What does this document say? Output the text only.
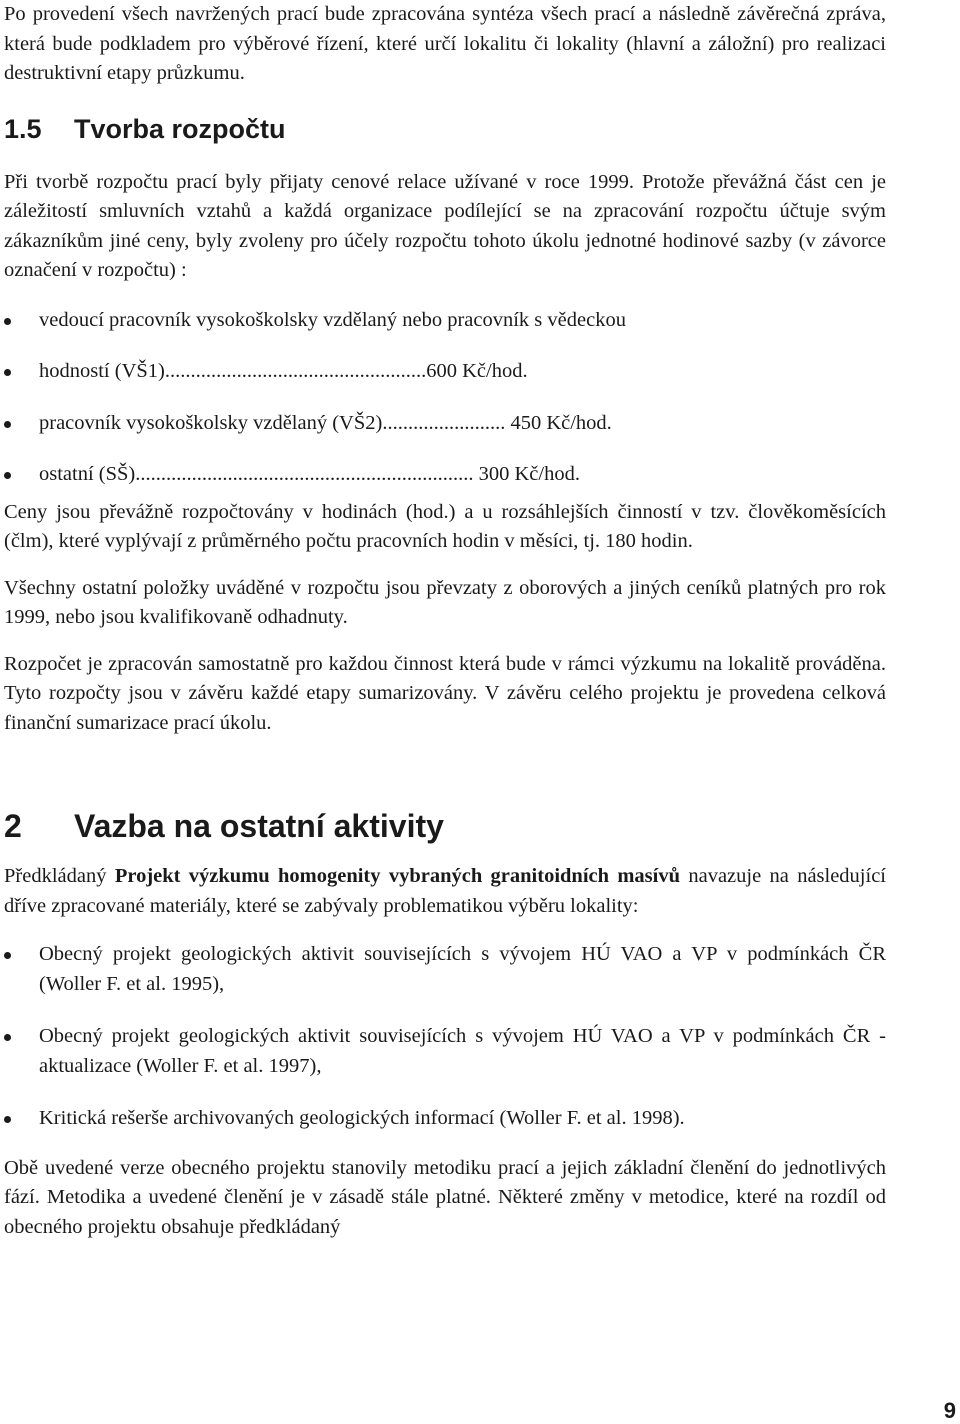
Po provedení všech navržených prací bude zpracována syntéza všech prací a následně závěrečná zpráva, která bude podkladem pro výběrové řízení, které určí lokalitu či lokality (hlavní a záložní) pro realizaci destruktivní etapy průzkumu.

1.5 Tvorba rozpočtu

Při tvorbě rozpočtu prací byly přijaty cenové relace užívané v roce 1999. Protože převážná část cen je záležitostí smluvních vztahů a každá organizace podílející se na zpracování rozpočtu účtuje svým zákazníkům jiné ceny, byly zvoleny pro účely rozpočtu tohoto úkolu jednotné hodinové sazby (v závorce označení v rozpočtu) :

vedoucí pracovník vysokoškolsky vzdělaný nebo pracovník s vědeckou
hodností (VŠ1)...................................................600 Kč/hod.
pracovník vysokoškolsky vzdělaný (VŠ2)........................ 450 Kč/hod.
ostatní (SŠ).................................................................. 300 Kč/hod.

Ceny jsou převážně rozpočtovány v hodinách (hod.) a u rozsáhlejších činností v tzv. člověkoměsících (člm), které vyplývají z průměrného počtu pracovních hodin v měsíci, tj. 180 hodin.

Všechny ostatní položky uváděné v rozpočtu jsou převzaty z oborových a jiných ceníků platných pro rok 1999, nebo jsou kvalifikovaně odhadnuty.

Rozpočet je zpracován samostatně pro každou činnost která bude v rámci výzkumu na lokalitě prováděna. Tyto rozpočty jsou v závěru každé etapy sumarizovány. V závěru celého projektu je provedena celková finanční sumarizace prací úkolu.

2 Vazba na ostatní aktivity

Předkládaný Projekt výzkumu homogenity vybraných granitoidních masívů navazuje na následující dříve zpracované materiály, které se zabývaly problematikou výběru lokality:

Obecný projekt geologických aktivit souvisejících s vývojem HÚ VAO a VP v podmínkách ČR (Woller F. et al. 1995),
Obecný projekt geologických aktivit souvisejících s vývojem HÚ VAO a VP v podmínkách ČR - aktualizace (Woller F. et al. 1997),
Kritická rešerše archivovaných geologických informací (Woller F. et al. 1998).

Obě uvedené verze obecného projektu stanovily metodiku prací a jejich základní členění do jednotlivých fází. Metodika a uvedené členění je v zásadě stále platné. Některé změny v metodice, které na rozdíl od obecného projektu obsahuje předkládaný

9
